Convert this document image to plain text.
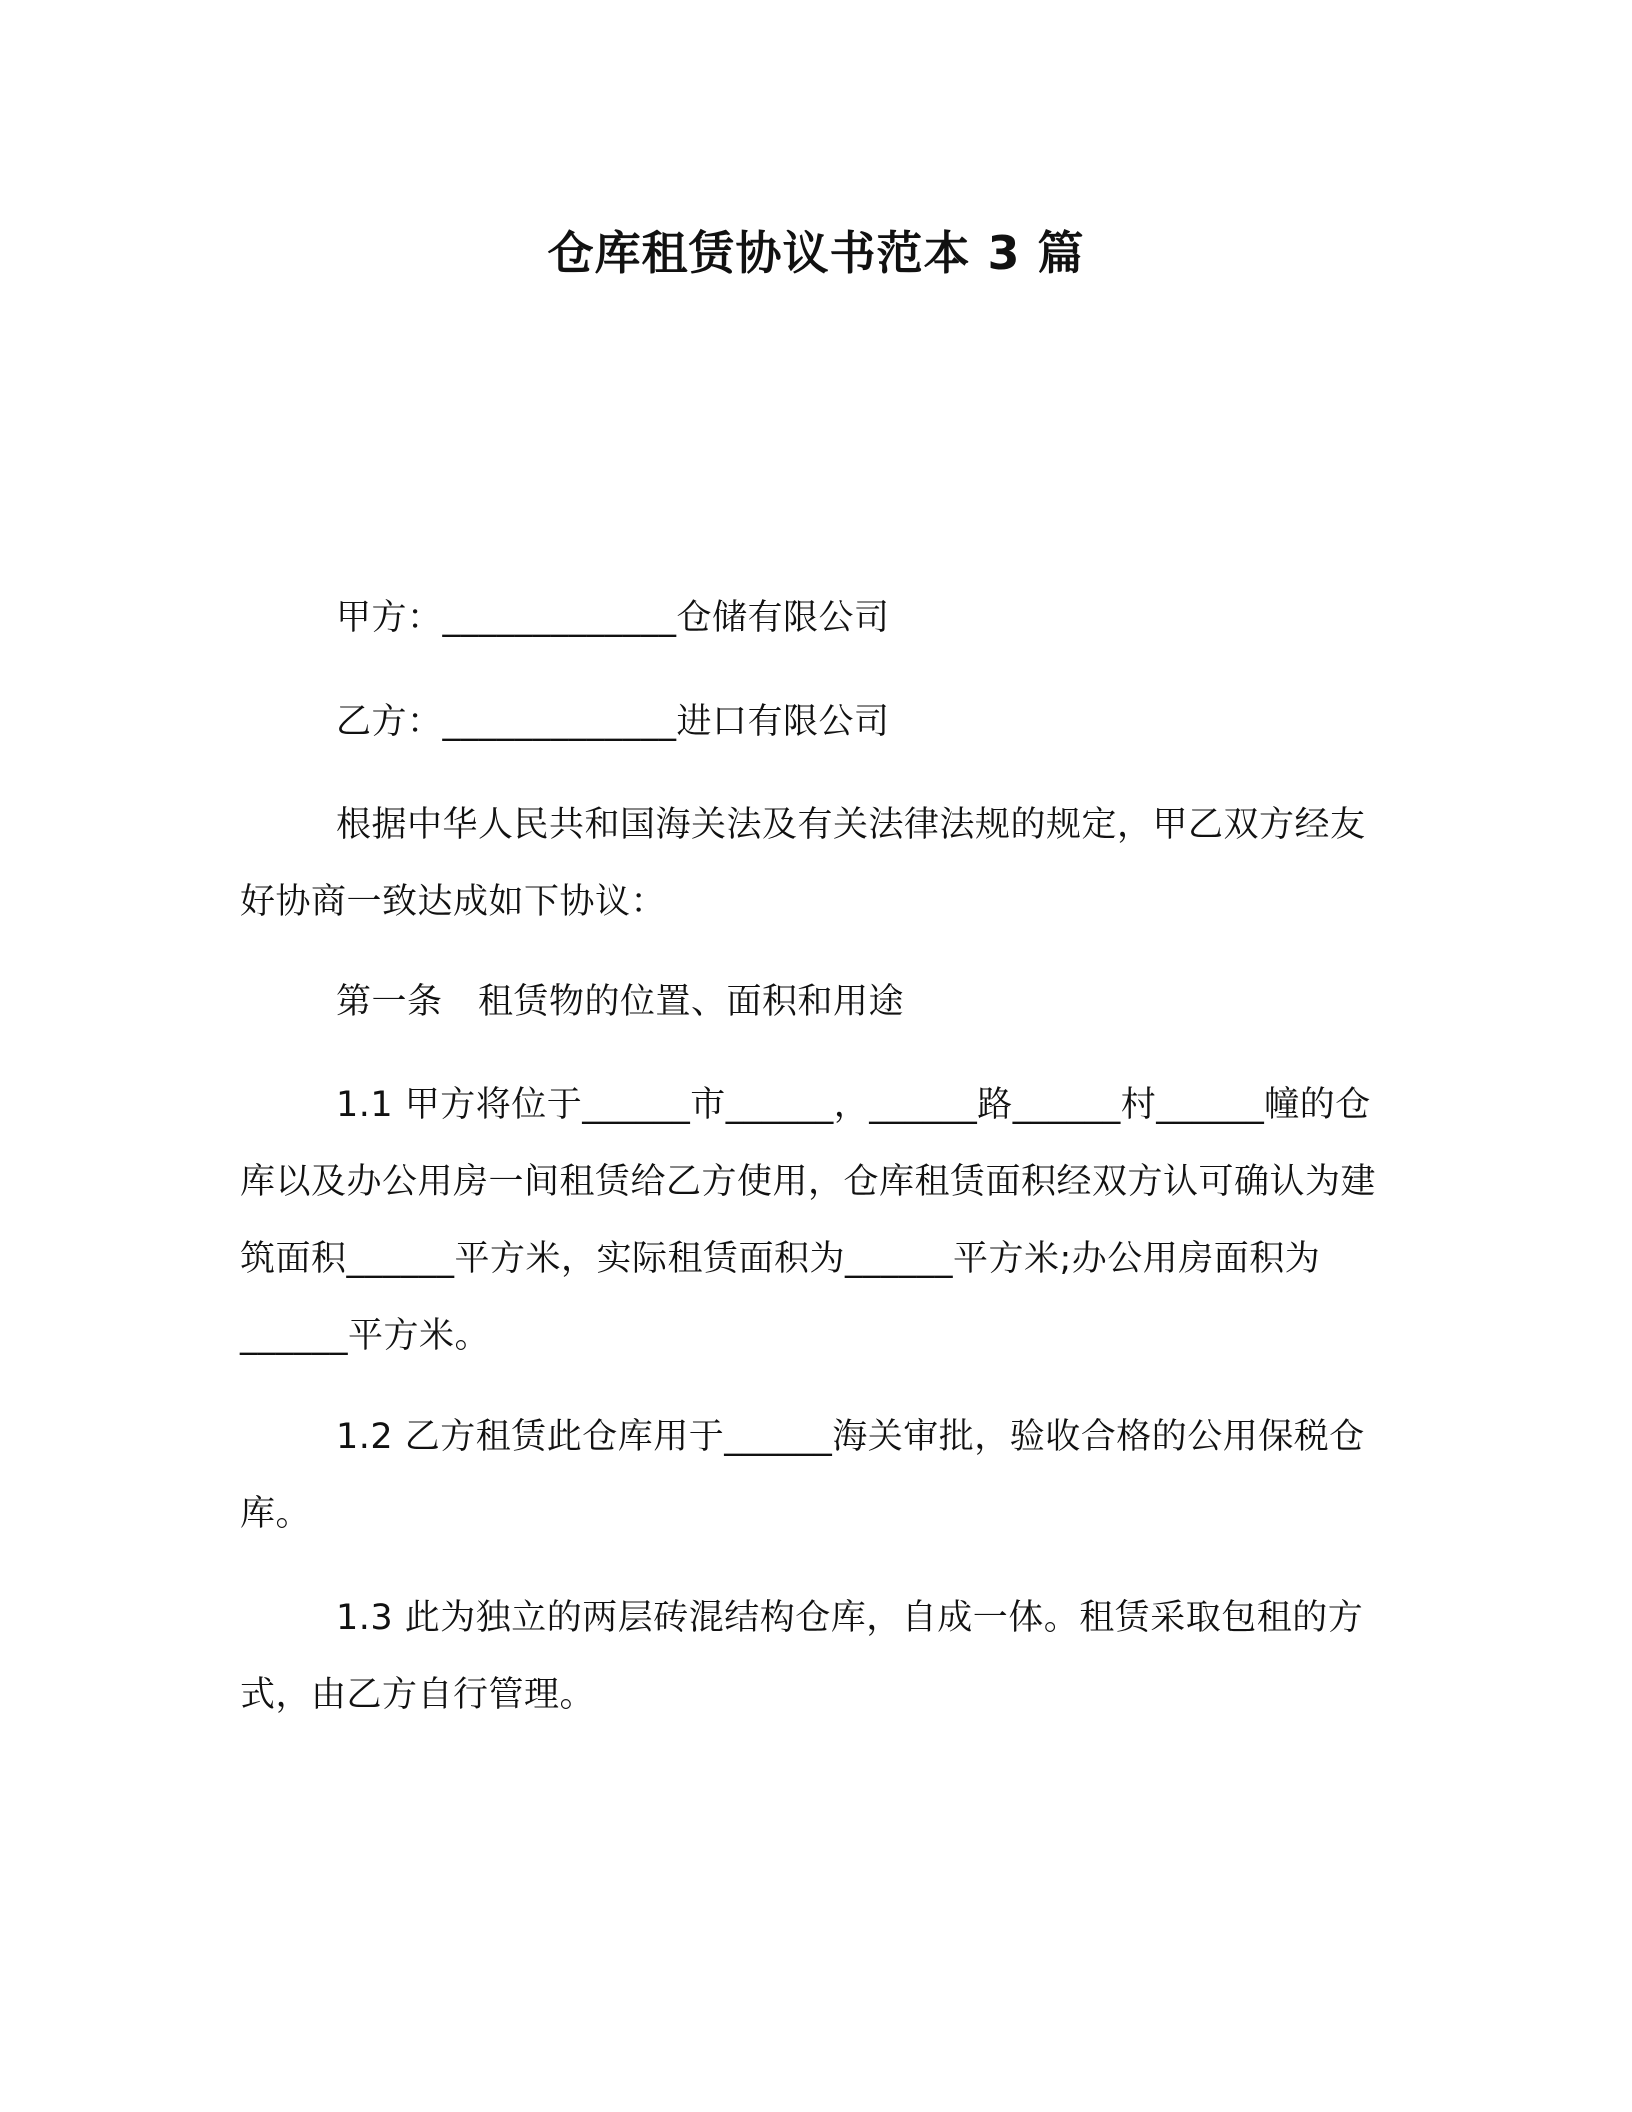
仓库租赁协议书范本 3 篇
甲方：_____________仓储有限公司
乙方：_____________进口有限公司
根据中华人民共和国海关法及有关法律法规的规定，甲乙双方经友好协商一致达成如下协议：
第一条　租赁物的位置、面积和用途
1.1 甲方将位于______市______，______路______村______幢的仓库以及办公用房一间租赁给乙方使用，仓库租赁面积经双方认可确认为建筑面积______平方米，实际租赁面积为______平方米;办公用房面积为______平方米。
1.2 乙方租赁此仓库用于______海关审批，验收合格的公用保税仓库。
1.3 此为独立的两层砖混结构仓库，自成一体。租赁采取包租的方式，由乙方自行管理。
